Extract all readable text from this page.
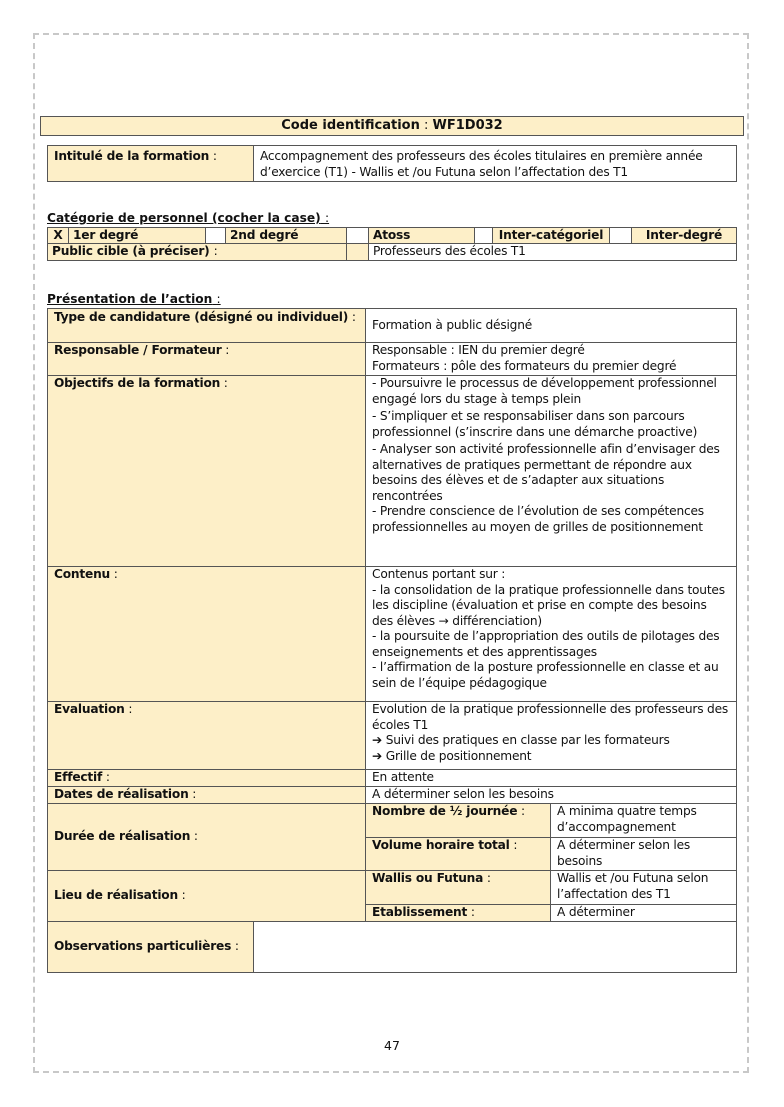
Code identification : WF1D032
Intitulé de la formation :	Accompagnement des professeurs des écoles titulaires en première année d’exercice (T1) - Wallis et /ou Futuna selon l’affectation des T1
Catégorie de personnel (cocher la case) :
X	1er degré		2nd degré		Atoss		Inter-catégoriel		Inter-degré
Public cible (à préciser) :					Professeurs des écoles T1				
Présentation de l’action :
Type de candidature (désigné ou individuel) :		Formation à public désigné	
Responsable / Formateur :		Responsable : IEN du premier degré
Formateurs : pôle des formateurs du premier degré	

Objectifs de la formation :		- Poursuivre le processus de développement professionnel engagé lors du stage à temps plein
- S’impliquer et se responsabiliser dans son parcours professionnel (s’inscrire dans une démarche proactive)
- Analyser son activité professionnelle afin d’envisager des alternatives de pratiques permettant de répondre aux besoins des élèves et de s’adapter aux situations rencontrées
- Prendre conscience de l’évolution de ses compétences professionnelles au moyen de grilles de positionnement	

Contenu :		Contenus portant sur :
- la consolidation de la pratique professionnelle dans toutes les discipline (évaluation et prise en compte des besoins des élèves → différenciation)
- la poursuite de l’appropriation des outils de pilotages des enseignements et des apprentissages
- l’affirmation de la posture professionnelle en classe et au sein de l’équipe pédagogique	

Evaluation :		Evolution de la pratique professionnelle des professeurs des écoles T1
➔ Suivi des pratiques en classe par les formateurs
➔ Grille de positionnement	

Effectif :		En attente	
Dates de réalisation :		A déterminer selon les besoins	
Durée de réalisation :		Nombre de ½ journée :	A minima quatre temps d’accompagnement
		Volume horaire total :	A déterminer selon les besoins
Lieu de réalisation :		Wallis ou Futuna :	Wallis et /ou Futuna selon l’affectation des T1
		Etablissement :	A déterminer
Observations particulières :			
47
